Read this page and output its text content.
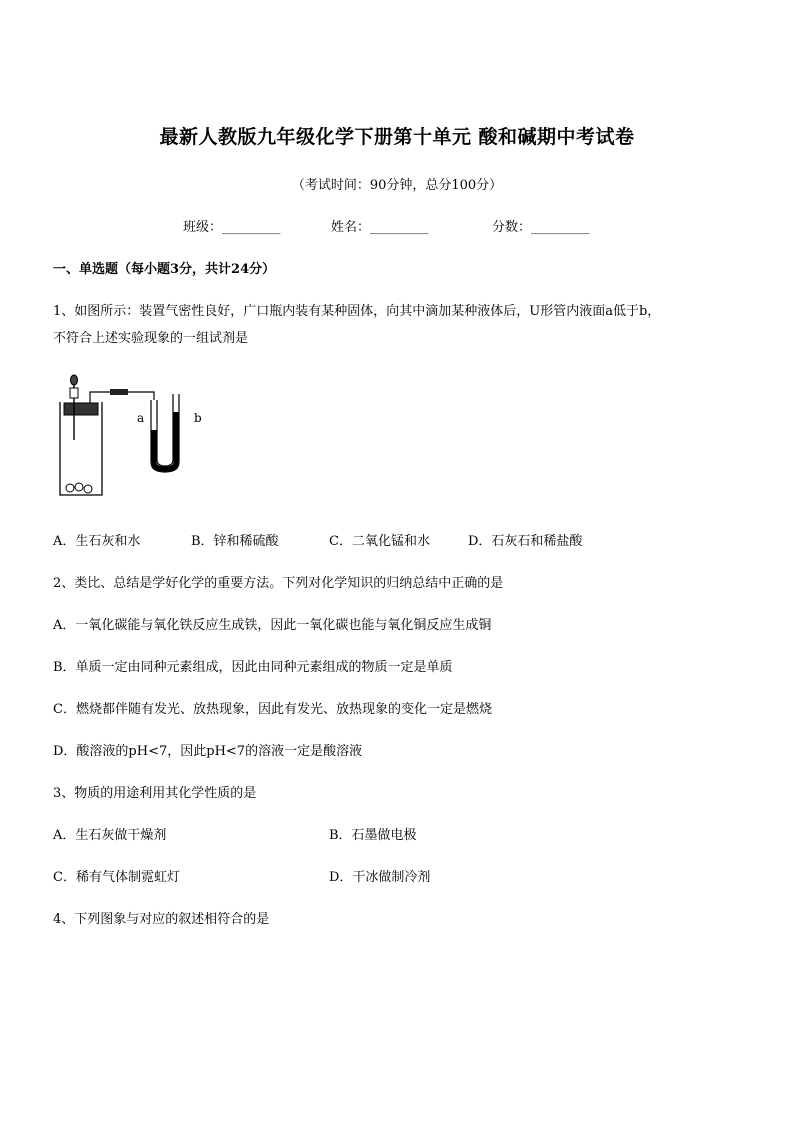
最新人教版九年级化学下册第十单元 酸和碱期中考试卷
（考试时间：90分钟，总分100分）
班级：_________	姓名：_________	分数：_________
一、单选题（每小题3分，共计24分）
1、如图所示：装置气密性良好，广口瓶内装有某种固体，向其中滴加某种液体后，U形管内液面a低于b，
不符合上述实验现象的一组试剂是
a	b
A．生石灰和水	B．锌和稀硫酸	C．二氧化锰和水	D．石灰石和稀盐酸
2、类比、总结是学好化学的重要方法。下列对化学知识的归纳总结中正确的是
A．一氧化碳能与氧化铁反应生成铁，因此一氧化碳也能与氧化铜反应生成铜
B．单质一定由同种元素组成，因此由同种元素组成的物质一定是单质
C．燃烧都伴随有发光、放热现象，因此有发光、放热现象的变化一定是燃烧
D．酸溶液的pH<7，因此pH<7的溶液一定是酸溶液
3、物质的用途利用其化学性质的是
A．生石灰做干燥剂	B．石墨做电极
C．稀有气体制霓虹灯	D．干冰做制冷剂
4、下列图象与对应的叙述相符合的是
